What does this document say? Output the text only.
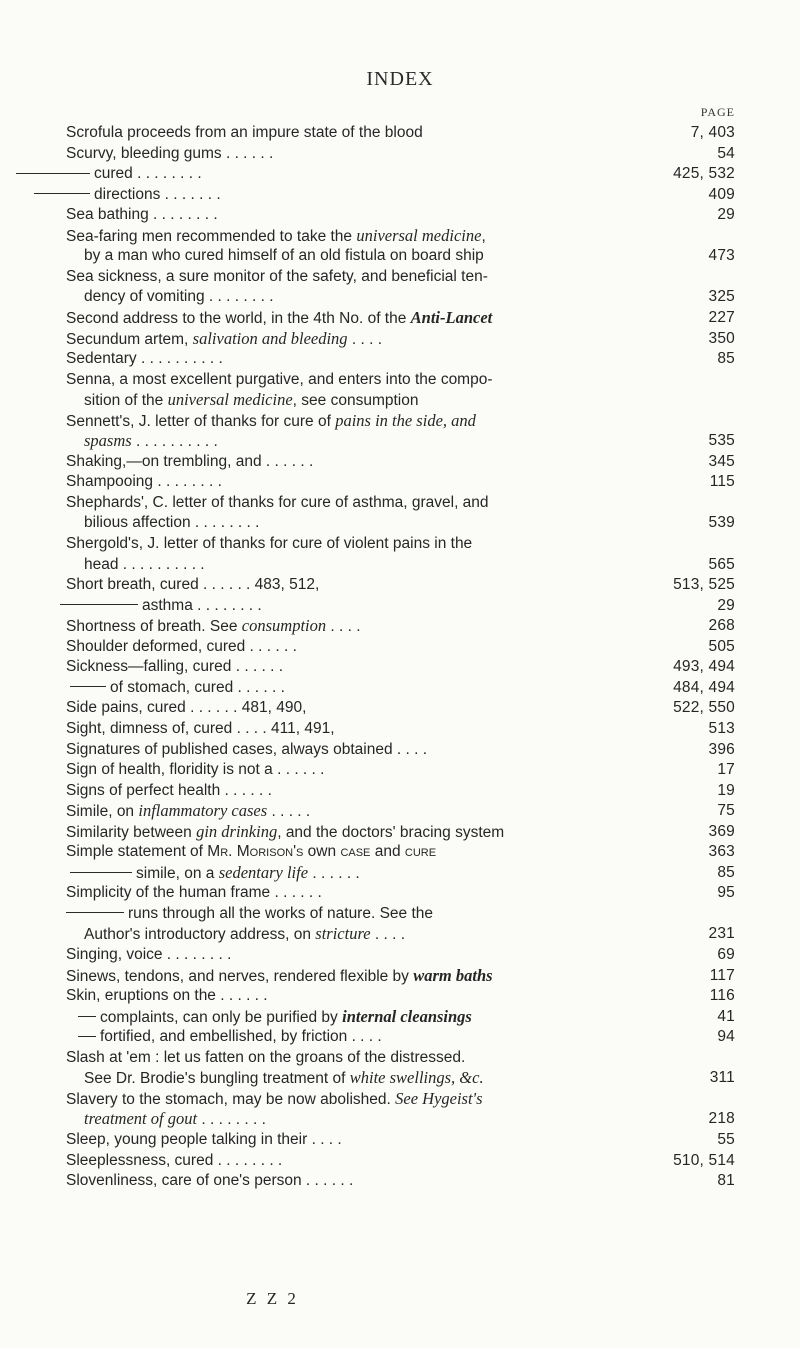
INDEX
PAGE
Scrofula proceeds from an impure state of the blood	7, 403
Scurvy, bleeding gums . . . . . .	54
cured . . . . . . . .	425, 532
directions . . . . . . .	409
Sea bathing . . . . . . . .	29
Sea-faring men recommended to take the universal medicine,
by a man who cured himself of an old fistula on board ship	473
Sea sickness, a sure monitor of the safety, and beneficial ten-
dency of vomiting . . . . . . . .	325
Second address to the world, in the 4th No. of the Anti-Lancet	227
Secundum artem, salivation and bleeding . . . .	350
Sedentary . . . . . . . . . .	85
Senna, a most excellent purgative, and enters into the compo-
sition of the universal medicine, see consumption
Sennett's, J. letter of thanks for cure of pains in the side, and
spasms . . . . . . . . . .	535
Shaking,—on trembling, and . . . . . .	345
Shampooing . . . . . . . .	115
Shephards', C. letter of thanks for cure of asthma, gravel, and
bilious affection . . . . . . . .	539
Shergold's, J. letter of thanks for cure of violent pains in the
head . . . . . . . . . .	565
Short breath, cured . . . . . . 483, 512,	513, 525
asthma . . . . . . . .	29
Shortness of breath. See consumption . . . .	268
Shoulder deformed, cured . . . . . .	505
Sickness—falling, cured . . . . . .	493, 494
of stomach, cured . . . . . .	484, 494
Side pains, cured . . . . . . 481, 490,	522, 550
Sight, dimness of, cured . . . . 411, 491,	513
Signatures of published cases, always obtained . . . .	396
Sign of health, floridity is not a . . . . . .	17
Signs of perfect health . . . . . .	19
Simile, on inflammatory cases . . . . .	75
Similarity between gin drinking, and the doctors' bracing system	369
Simple statement of Mr. Morison's own case and cure	363
simile, on a sedentary life . . . . . .	85
Simplicity of the human frame . . . . . .	95
runs through all the works of nature. See the
Author's introductory address, on stricture . . . .	231
Singing, voice . . . . . . . .	69
Sinews, tendons, and nerves, rendered flexible by warm baths	117
Skin, eruptions on the . . . . . .	116
complaints, can only be purified by internal cleansings	41
fortified, and embellished, by friction . . . .	94
Slash at 'em : let us fatten on the groans of the distressed.
See Dr. Brodie's bungling treatment of white swellings, &c.	311
Slavery to the stomach, may be now abolished. See Hygeist's
treatment of gout . . . . . . . .	218
Sleep, young people talking in their . . . .	55
Sleeplessness, cured . . . . . . . .	510, 514
Slovenliness, care of one's person . . . . . .	81
Z Z 2
